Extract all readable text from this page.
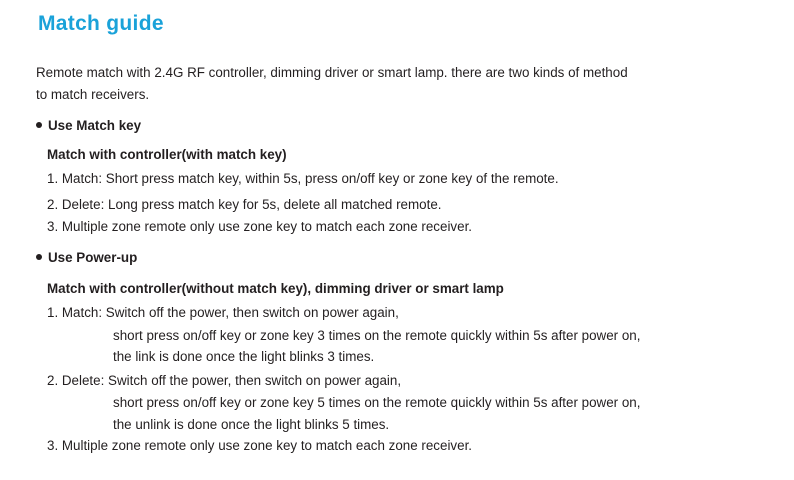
Match guide
Remote match with 2.4G RF controller, dimming driver or smart lamp. there are two kinds of method
to match receivers.
Use Match key
Match with controller(with match key)
1. Match: Short press match key, within 5s, press on/off key or zone key of the remote.
2. Delete: Long press match key for 5s, delete all matched remote.
3. Multiple zone remote only use zone key to match each zone receiver.
Use Power-up
Match with controller(without match key), dimming driver or smart lamp
1. Match: Switch off the power, then switch on power again,
short press on/off key or zone key 3 times on the remote quickly within 5s after power on,
the link is done once the light blinks 3 times.
2. Delete: Switch off the power, then switch on power again,
short press on/off key or zone key 5 times on the remote quickly within 5s after power on,
the unlink is done once the light blinks 5 times.
3. Multiple zone remote only use zone key to match each zone receiver.
